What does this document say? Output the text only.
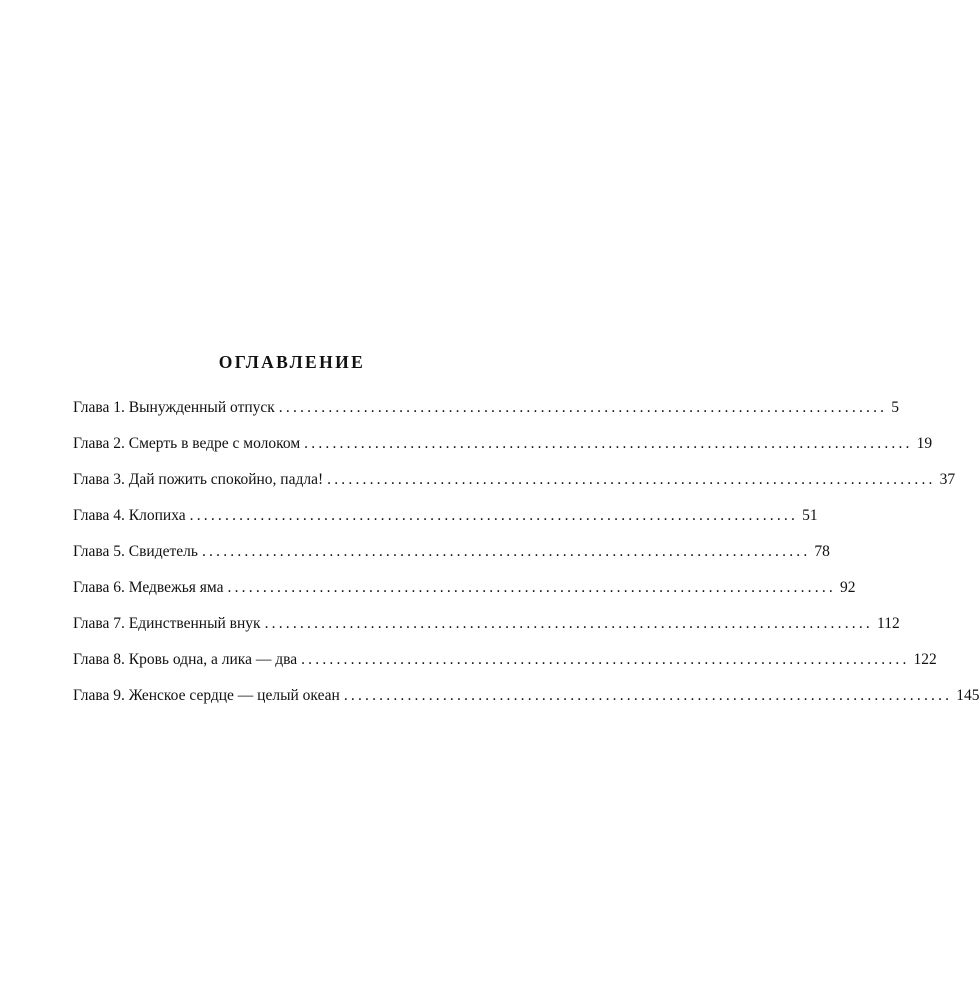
ОГЛАВЛЕНИЕ
Глава 1. Вынужденный отпуск ...................................................................................... 5
Глава 2. Смерть в ведре с молоком ...................................................................................... 19
Глава 3. Дай пожить спокойно, падла! ...................................................................................... 37
Глава 4. Клопиха ...................................................................................... 51
Глава 5. Свидетель ...................................................................................... 78
Глава 6. Медвежья яма ...................................................................................... 92
Глава 7. Единственный внук ...................................................................................... 112
Глава 8. Кровь одна, а лика — два ...................................................................................... 122
Глава 9. Женское сердце — целый океан ...................................................................................... 145
